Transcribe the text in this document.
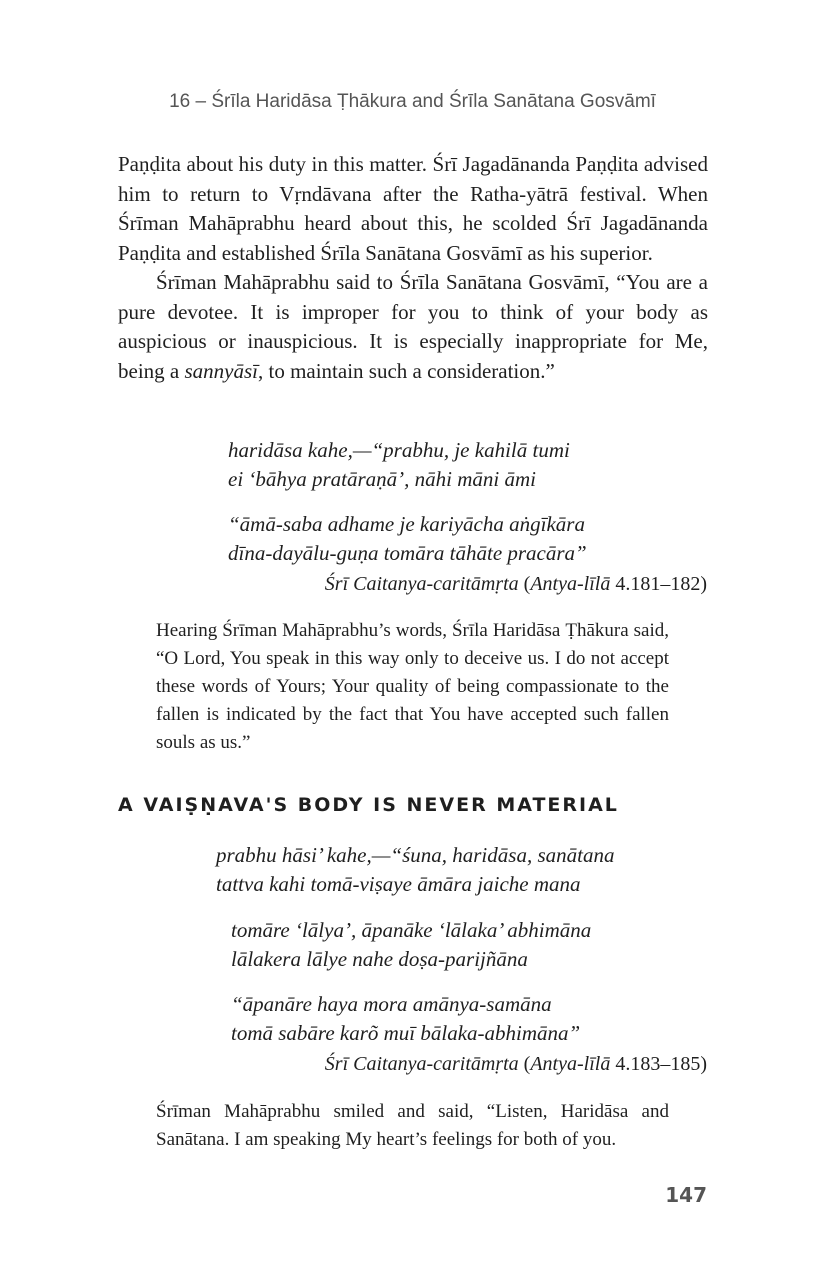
16 – Śrīla Haridāsa Ṭhākura and Śrīla Sanātana Gosvāmī

Paṇḍita about his duty in this matter. Śrī Jagadānanda Paṇḍita advised him to return to Vṛndāvana after the Ratha-yātrā festival. When Śrīman Mahāprabhu heard about this, he scolded Śrī Jagadānanda Paṇḍita and established Śrīla Sanātana Gosvāmī as his superior.

Śrīman Mahāprabhu said to Śrīla Sanātana Gosvāmī, “You are a pure devotee. It is improper for you to think of your body as auspicious or inauspicious. It is especially inappropriate for Me, being a sannyāsī, to maintain such a consideration.”

haridāsa kahe,—“prabhu, je kahilā tumi
ei ‘bāhya pratāraṇā’, nāhi māni āmi
“āmā-saba adhame je kariyācha aṅgīkāra
dīna-dayālu-guṇa tomāra tāhāte pracāra”
Śrī Caitanya-caritāmṛta (Antya-līlā 4.181–182)
Hearing Śrīman Mahāprabhu’s words, Śrīla Haridāsa Ṭhākura said, “O Lord, You speak in this way only to deceive us. I do not accept these words of Yours; Your quality of being compassionate to the fallen is indicated by the fact that You have accepted such fallen souls as us.”
A VAIṢṆAVA'S BODY IS NEVER MATERIAL
prabhu hāsi’ kahe,—“śuna, haridāsa, sanātana
tattva kahi tomā-viṣaye āmāra jaiche mana
tomāre ‘lālya’, āpanāke ‘lālaka’ abhimāna
lālakera lālye nahe doṣa-parijñāna
“āpanāre haya mora amānya-samāna
tomā sabāre karõ muī bālaka-abhimāna”
Śrī Caitanya-caritāmṛta (Antya-līlā 4.183–185)
Śrīman Mahāprabhu smiled and said, “Listen, Haridāsa and Sanātana. I am speaking My heart’s feelings for both of you.
147
